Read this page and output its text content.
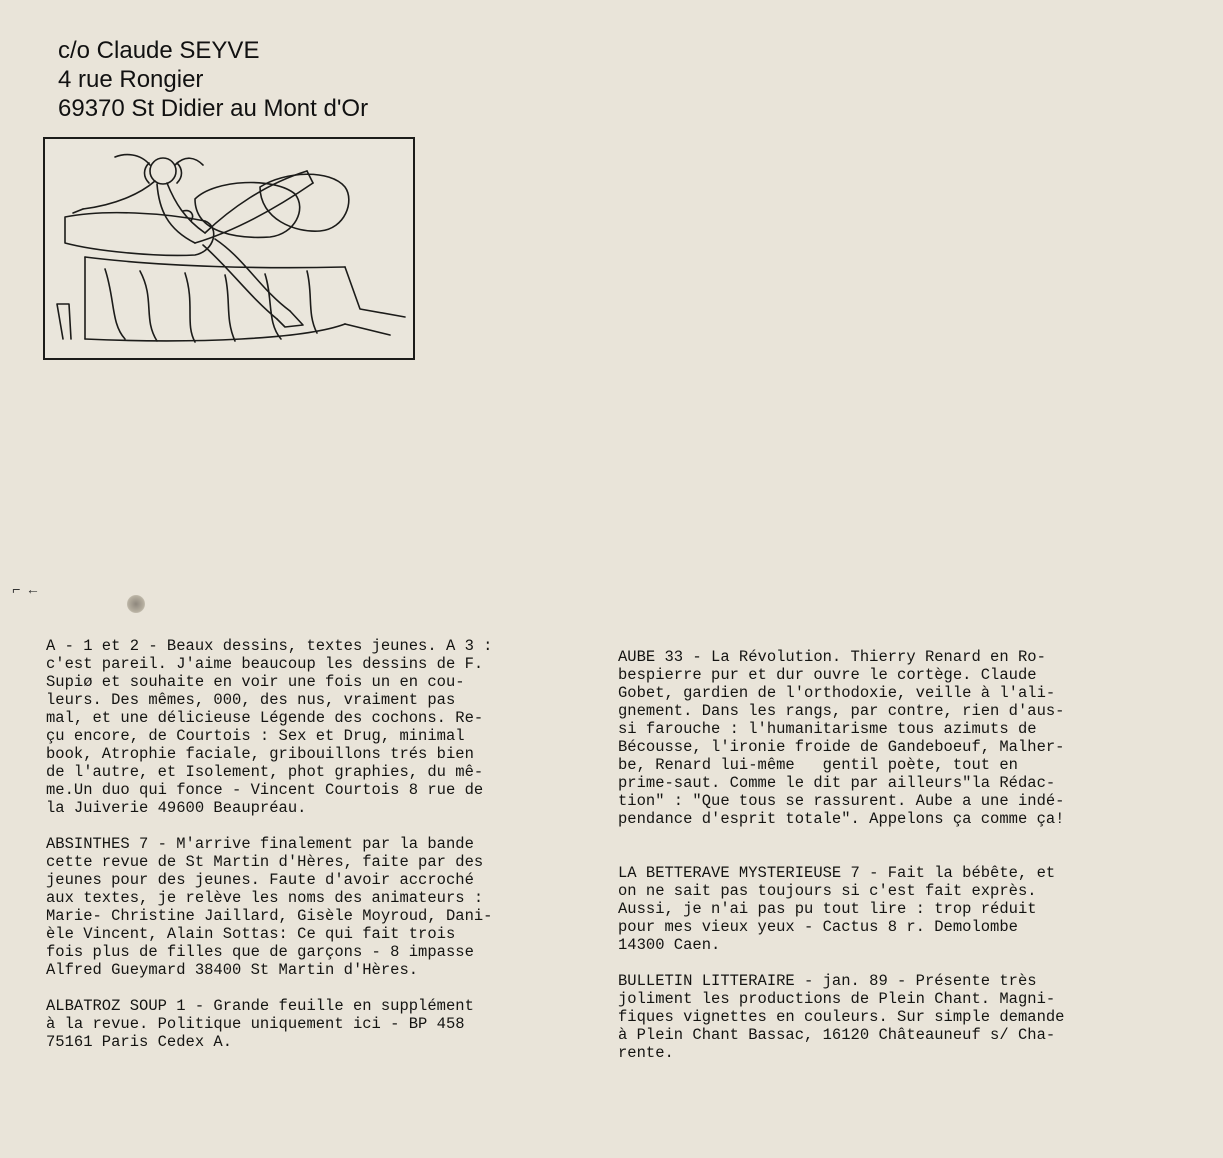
c/o Claude SEYVE
4 rue Rongier
69370 St Didier au Mont d'Or
⌐ ←

A - 1 et 2 - Beaux dessins, textes jeunes. A 3 :

c'est pareil. J'aime beaucoup les dessins de F.

Supiø et souhaite en voir une fois un en cou-

leurs. Des mêmes, 000, des nus, vraiment pas

mal, et une délicieuse Légende des cochons. Re-

çu encore, de Courtois : Sex et Drug, minimal

book, Atrophie faciale, gribouillons trés bien

de l'autre, et Isolement, phot graphies, du mê-

me.Un duo qui fonce - Vincent Courtois 8 rue de

la Juiverie 49600 Beaupréau.

ABSINTHES 7 - M'arrive finalement par la bande

cette revue de St Martin d'Hères, faite par des

jeunes pour des jeunes. Faute d'avoir accroché

aux textes, je relève les noms des animateurs :

Marie- Christine Jaillard, Gisèle Moyroud, Dani-

èle Vincent, Alain Sottas: Ce qui fait trois

fois plus de filles que de garçons - 8 impasse

Alfred Gueymard 38400 St Martin d'Hères.

ALBATROZ SOUP 1 - Grande feuille en supplément

à la revue. Politique uniquement ici - BP 458

75161 Paris Cedex A.

AUBE 33 - La Révolution. Thierry Renard en Ro-

bespierre pur et dur ouvre le cortège. Claude

Gobet, gardien de l'orthodoxie, veille à l'ali-

gnement. Dans les rangs, par contre, rien d'aus-

si farouche : l'humanitarisme tous azimuts de

Bécousse, l'ironie froide de Gandeboeuf, Malher-

be, Renard lui-même   gentil poète, tout en

prime-saut. Comme le dit par ailleurs"la Rédac-

tion" : "Que tous se rassurent. Aube a une indé-

pendance d'esprit totale". Appelons ça comme ça!

LA BETTERAVE MYSTERIEUSE 7 - Fait la bébête, et

on ne sait pas toujours si c'est fait exprès.

Aussi, je n'ai pas pu tout lire : trop réduit

pour mes vieux yeux - Cactus 8 r. Demolombe

14300 Caen.

BULLETIN LITTERAIRE - jan. 89 - Présente très

joliment les productions de Plein Chant. Magni-

fiques vignettes en couleurs. Sur simple demande

à Plein Chant Bassac, 16120 Châteauneuf s/ Cha-

rente.
